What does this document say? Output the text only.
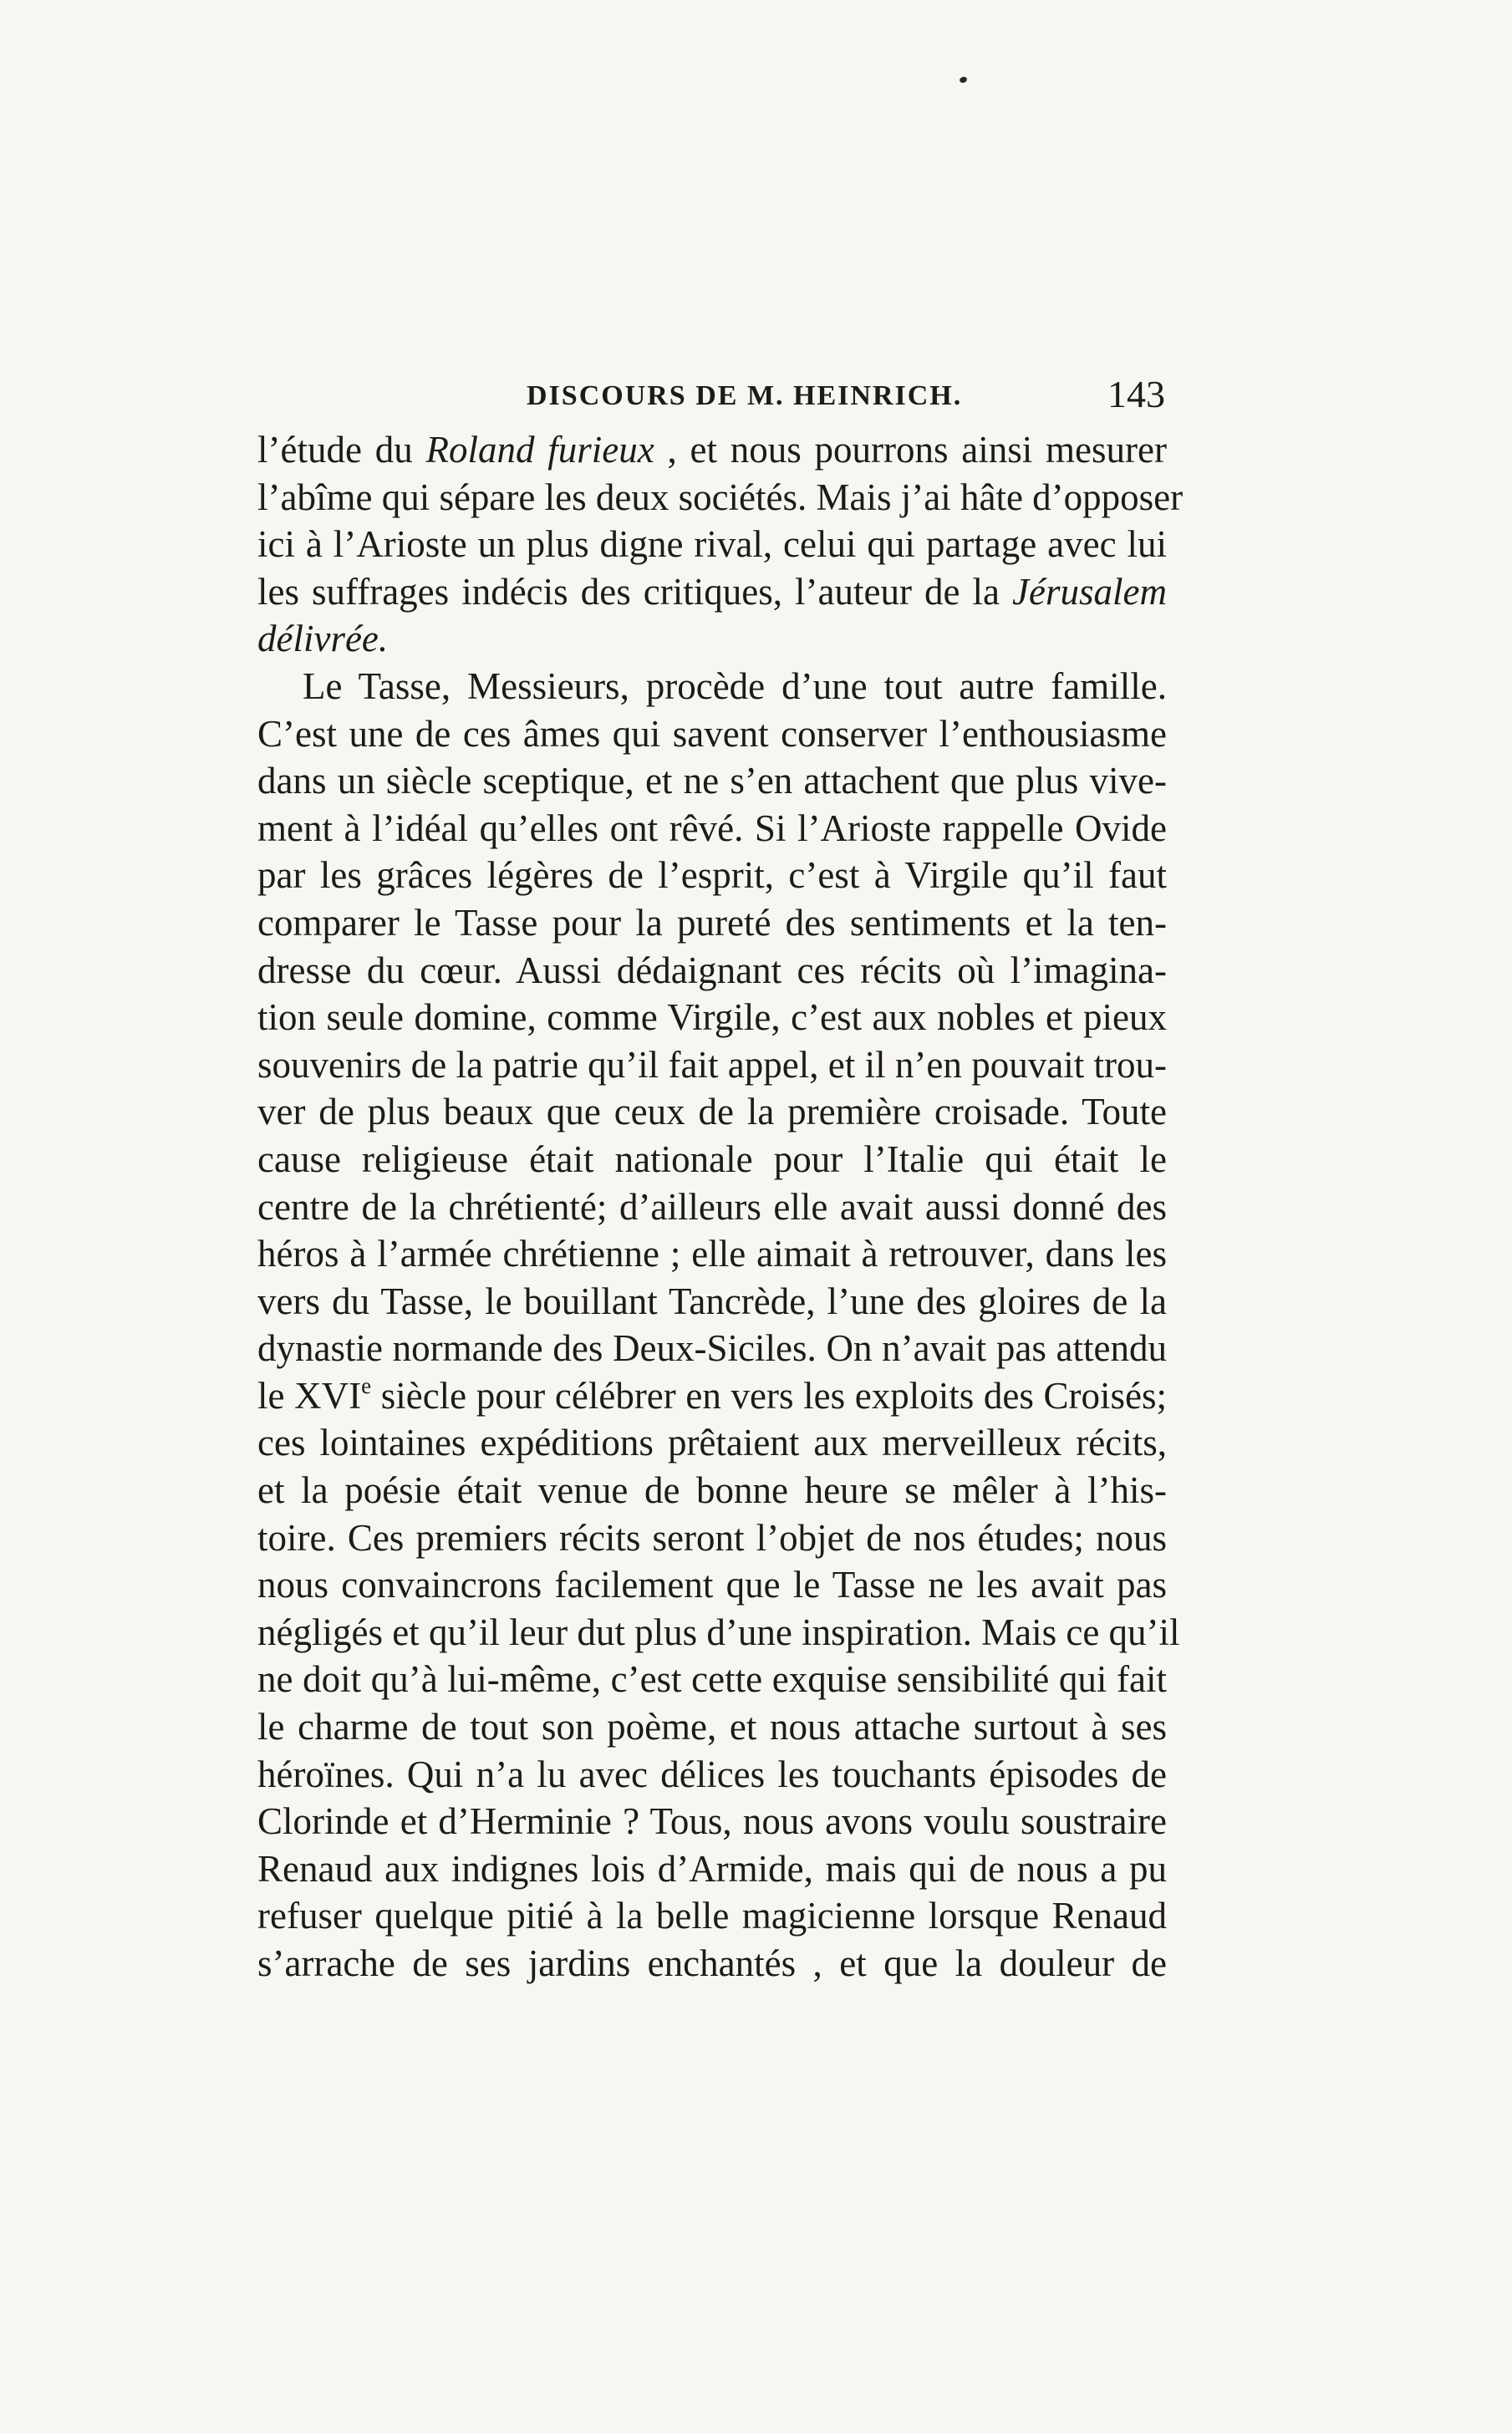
DISCOURS DE M. HEINRICH.	143
l’étude du Roland furieux , et nous pourrons ainsi mesurer
l’abîme qui sépare les deux sociétés. Mais j’ai hâte d’opposer
ici à l’Arioste un plus digne rival, celui qui partage avec lui
les suffrages indécis des critiques, l’auteur de la Jérusalem
délivrée.
Le Tasse, Messieurs, procède d’une tout autre famille.
C’est une de ces âmes qui savent conserver l’enthousiasme
dans un siècle sceptique, et ne s’en attachent que plus vive-
ment à l’idéal qu’elles ont rêvé. Si l’Arioste rappelle Ovide
par les grâces légères de l’esprit, c’est à Virgile qu’il faut
comparer le Tasse pour la pureté des sentiments et la ten-
dresse du cœur. Aussi dédaignant ces récits où l’imagina-
tion seule domine, comme Virgile, c’est aux nobles et pieux
souvenirs de la patrie qu’il fait appel, et il n’en pouvait trou-
ver de plus beaux que ceux de la première croisade. Toute
cause religieuse était nationale pour l’Italie qui était le
centre de la chrétienté; d’ailleurs elle avait aussi donné des
héros à l’armée chrétienne ; elle aimait à retrouver, dans les
vers du Tasse, le bouillant Tancrède, l’une des gloires de la
dynastie normande des Deux-Siciles. On n’avait pas attendu
le XVIe siècle pour célébrer en vers les exploits des Croisés;
ces lointaines expéditions prêtaient aux merveilleux récits,
et la poésie était venue de bonne heure se mêler à l’his-
toire. Ces premiers récits seront l’objet de nos études; nous
nous convaincrons facilement que le Tasse ne les avait pas
négligés et qu’il leur dut plus d’une inspiration. Mais ce qu’il
ne doit qu’à lui-même, c’est cette exquise sensibilité qui fait
le charme de tout son poème, et nous attache surtout à ses
héroïnes. Qui n’a lu avec délices les touchants épisodes de
Clorinde et d’Herminie ? Tous, nous avons voulu soustraire
Renaud aux indignes lois d’Armide, mais qui de nous a pu
refuser quelque pitié à la belle magicienne lorsque Renaud
s’arrache de ses jardins enchantés , et que la douleur de
